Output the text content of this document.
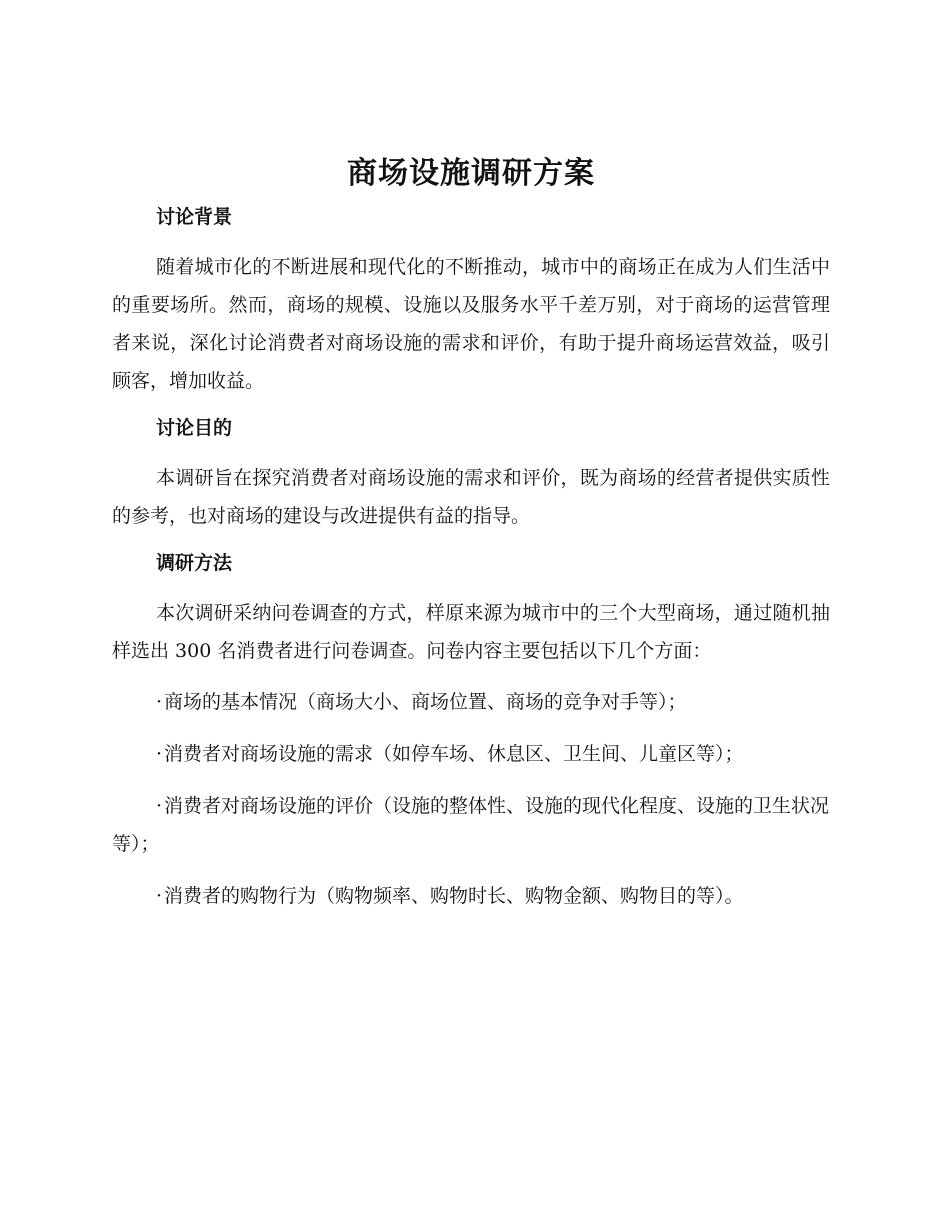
商场设施调研方案
讨论背景

随着城市化的不断进展和现代化的不断推动，城市中的商场正在成为人们生活中的重要场所。然而，商场的规模、设施以及服务水平千差万别，对于商场的运营管理者来说，深化讨论消费者对商场设施的需求和评价，有助于提升商场运营效益，吸引顾客，增加收益。

讨论目的

本调研旨在探究消费者对商场设施的需求和评价，既为商场的经营者提供实质性的参考，也对商场的建设与改进提供有益的指导。

调研方法

本次调研采纳问卷调查的方式，样原来源为城市中的三个大型商场，通过随机抽样选出 300 名消费者进行问卷调查。问卷内容主要包括以下几个方面：

· 商场的基本情况（商场大小、商场位置、商场的竞争对手等）；

· 消费者对商场设施的需求（如停车场、休息区、卫生间、儿童区等）；

· 消费者对商场设施的评价（设施的整体性、设施的现代化程度、设施的卫生状况等）；

· 消费者的购物行为（购物频率、购物时长、购物金额、购物目的等）。
